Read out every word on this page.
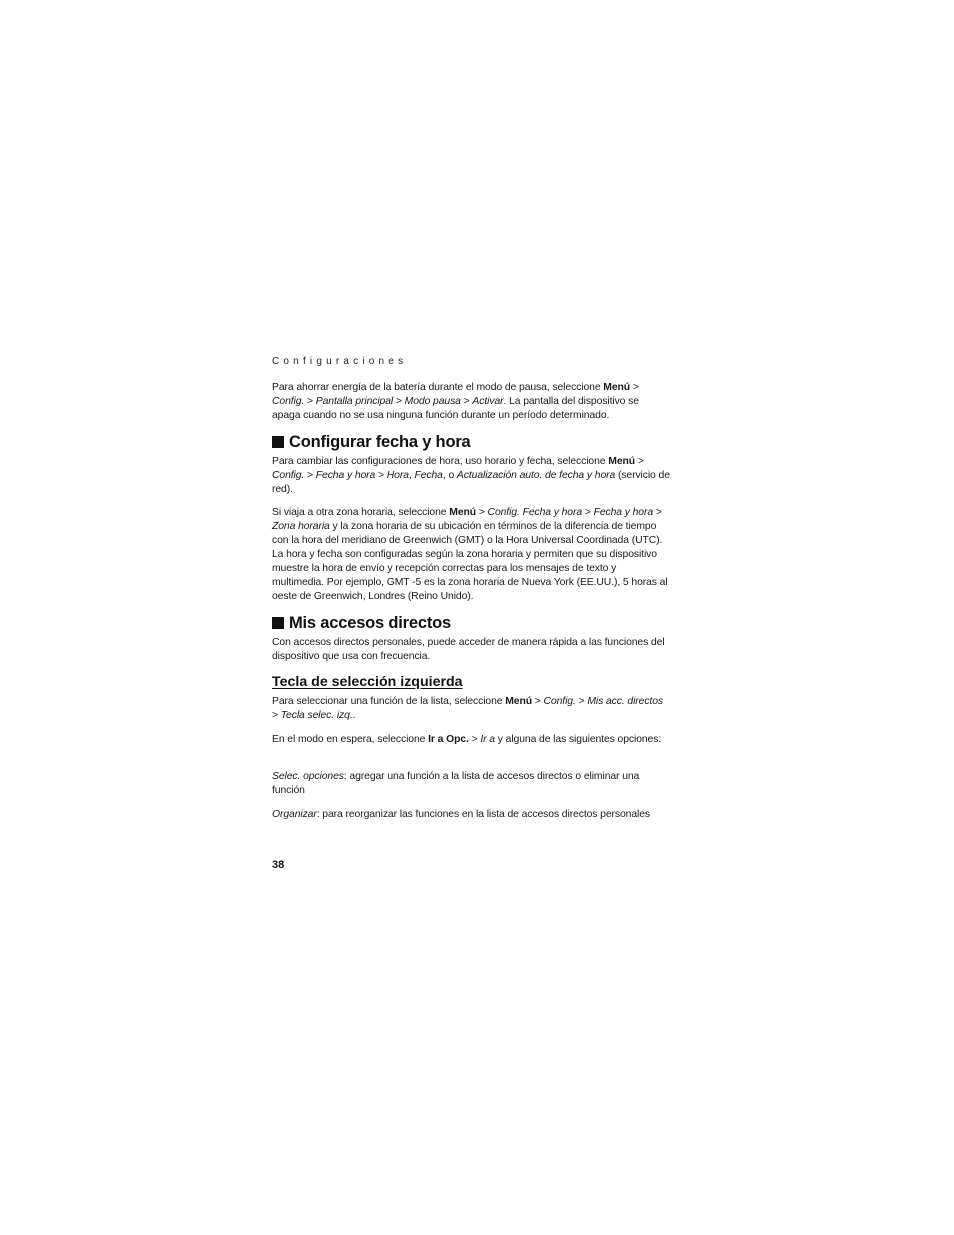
Configuraciones

Para ahorrar energía de la batería durante el modo de pausa, seleccione Menú > Config. > Pantalla principal > Modo pausa > Activar. La pantalla del dispositivo se apaga cuando no se usa ninguna función durante un período determinado.

Configurar fecha y hora

Para cambiar las configuraciones de hora, uso horario y fecha, seleccione Menú > Config. > Fecha y hora > Hora, Fecha, o Actualización auto. de fecha y hora (servicio de red).

Si viaja a otra zona horaria, seleccione Menú > Config. Fecha y hora > Fecha y hora > Zona horaria y la zona horaria de su ubicación en términos de la diferencia de tiempo con la hora del meridiano de Greenwich (GMT) o la Hora Universal Coordinada (UTC). La hora y fecha son configuradas según la zona horaria y permiten que su dispositivo muestre la hora de envío y recepción correctas para los mensajes de texto y multimedia. Por ejemplo, GMT -5 es la zona horaria de Nueva York (EE.UU.), 5 horas al oeste de Greenwich, Londres (Reino Unido).

Mis accesos directos

Con accesos directos personales, puede acceder de manera rápida a las funciones del dispositivo que usa con frecuencia.

Tecla de selección izquierda

Para seleccionar una función de la lista, seleccione Menú > Config. > Mis acc. directos > Tecla selec. izq..

En el modo en espera, seleccione Ir a Opc. > Ir a y alguna de las siguientes opciones:

Selec. opciones: agregar una función a la lista de accesos directos o eliminar una función

Organizar: para reorganizar las funciones en la lista de accesos directos personales

38
